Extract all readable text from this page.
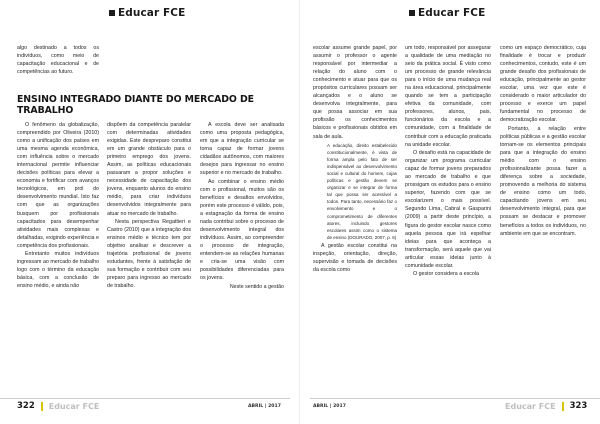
Educar FCE

algo destinado a todos os indivíduos, como meio de capacitação educacional e de competências ao futuro.

ENSINO INTEGRADO DIANTE DO MERCADO DE TRABALHO

O fenômeno da globalização, compreendido por Oliveira (2010) como a unificação dos países em uma mesma agenda econômica, com influência sobre o mercado internacional permite influenciar decisões políticas para elevar a economia e fortificar com avanços tecnológicos, em prol do desenvolvimento mundial. Isto faz com que as organizações busquem por profissionais capacitados para desempenhar atividades mais complexas e detalhadas, exigindo experiência e competência dos profissionais.

Entretanto muitos indivíduos ingressam ao mercado de trabalho logo com o término da educação básica, com a conclusão de ensino médio, e ainda não

dispõem da competência paralelar com determinadas atividades exigidas. Este despreparo constitui em um grande obstáculo para o primeiro emprego dos jovens. Assim, as políticas educacionais passaram a propor soluções e necessidade de capacitação dos jovens, enquanto alunos do ensino médio, para criar indivíduos desenvolvidos integralmente para atuar no mercado de trabalho.

Nesta perspectiva Regattieri e Castro (2010) que a integração dos ensinos médio e técnico tem por objetivo analisar e descrever a trajetória profissional de jovens estudantes, frente à satisfação de sua formação e contribuir com seu preparo para ingresso ao mercado de trabalho.

A escola deve ser analisada como uma proposta pedagógica, em que a integração curricular se torna capaz de formar jovens cidadãos autônomos, com maiores desejos para ingressar no ensino superior e no mercado de trabalho.

Ao combinar o ensino médio com o profissional, muitos são os benefícios e desafios envolvidos, porém este processo é válido, pois, a estagnação da forma de ensino nada contribui sobre o processo de desenvolvimento integral dos indivíduos. Assim, ao compreender o processo de integração, entendem-se as relações humanas e cria-se uma visão com possibilidades diferenciadas para os jovens.

Neste sentido a gestão

322 Educar FCE	ABRIL | 2017
Educar FCE

escolar assume grande papel, por assumir o professor o agente responsável por intermediar a relação do aluno com o conhecimento e atuar para que os propósitos curriculares possam ser alcançados e o aluno se desenvolva integralmente, para que possa associar em sua profissão os conhecimentos básicos e profissionais obtidos em sala de aula.

A educação, direito estabelecido constitucionalmente, é vista de forma ampla pelo fato de ser indispensável ao desenvolvimento social e cultural do homem, cujas políticas e gestão devem se organizar e se integrar de forma tal que possa ser acessível a todos. Para tanto, necessário faz o envolvimento e o comprometimento de diferentes atores, incluindo gestores escolares assim como o sistema de ensino (DOURADO, 2007, p. 6)

A gestão escolar constitui na inspeção, orientação, direção, supervisão e tomada de decisões da escola como

um todo, responsável por assegurar a qualidade de uma mediação no seio da prática social. É visto como um processo de grande relevância para o início de uma mudança real na área educacional, principalmente quando se tem a participação efetiva da comunidade, com professores, alunos, pais, funcionários da escola e a comunidade, com a finalidade de contribuir com a educação praticada na unidade escolar.

O desafio está na capacidade de organizar um programa curricular capaz de formar jovens preparados ao mercado de trabalho e que prossigam os estudos para o ensino superior, fazendo com que se escolarizem o mais possível. Segundo Lima, Cabral e Gasparini (2009) a partir deste princípio, a figura do gestor escolar nasce como aquela pessoa que irá espelhar ideias para que aconteça a transformação, será aquele que vai articular essas ideias junto à comunidade escolar.

O gestor considera a escola

como um espaço democrático, cuja finalidade é trocar e produzir conhecimentos, contudo, este é um grande desafio dos profissionais de educação, principalmente ao gestor escolar, uma vez que este é considerado o maior articulador do processo e exerce um papel fundamental no processo de democratização escolar.

Portanto, a relação entre políticas públicas e a gestão escolar tornam-se os elementos principais para que a integração do ensino médio com o ensino profissionalizante possa fazer a diferença sobre a sociedade, promovendo a melhoria do sistema de ensino como um todo, capacitando jovens em seu desenvolvimento integral, para que possam se destacar e promover benefícios a todos os indivíduos, no ambiente em que se encontram.

ABRIL | 2017	Educar FCE 323
